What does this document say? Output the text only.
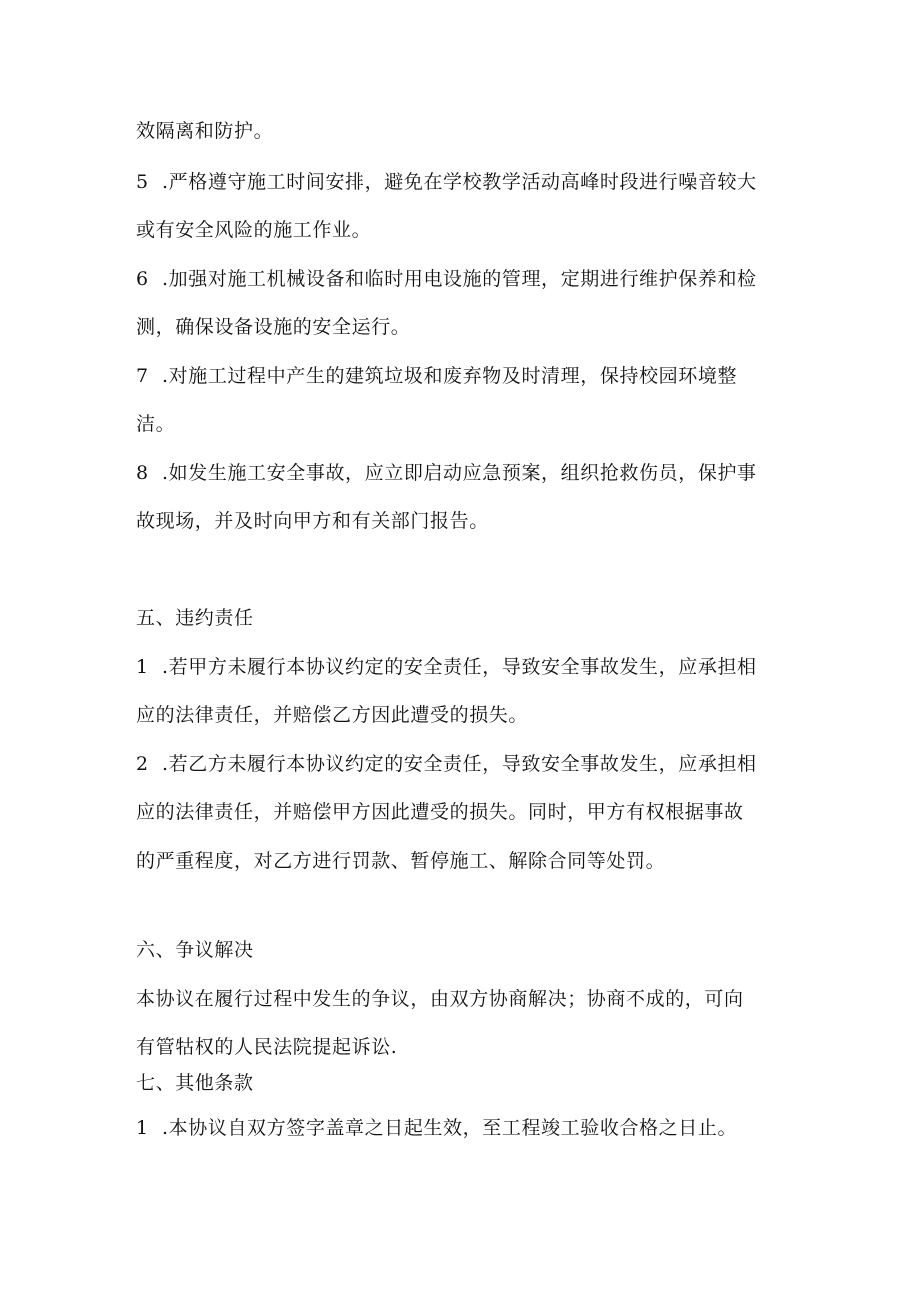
效隔离和防护。

5 .严格遵守施工时间安排，避免在学校教学活动高峰时段进行噪音较大

或有安全风险的施工作业。

6 .加强对施工机械设备和临时用电设施的管理，定期进行维护保养和检

测，确保设备设施的安全运行。

7 .对施工过程中产生的建筑垃圾和废弃物及时清理，保持校园环境整

洁。

8 .如发生施工安全事故，应立即启动应急预案，组织抢救伤员，保护事

故现场，并及时向甲方和有关部门报告。

五、违约责任

1 .若甲方未履行本协议约定的安全责任，导致安全事故发生，应承担相

应的法律责任，并赔偿乙方因此遭受的损失。

2 .若乙方未履行本协议约定的安全责任，导致安全事故发生，应承担相

应的法律责任，并赔偿甲方因此遭受的损失。同时，甲方有权根据事故

的严重程度，对乙方进行罚款、暂停施工、解除合同等处罚。

六、争议解决

本协议在履行过程中发生的争议，由双方协商解决；协商不成的，可向

有管牯权的人民法院提起诉讼.

七、其他条款

1 .本协议自双方签字盖章之日起生效，至工程竣工验收合格之日止。
